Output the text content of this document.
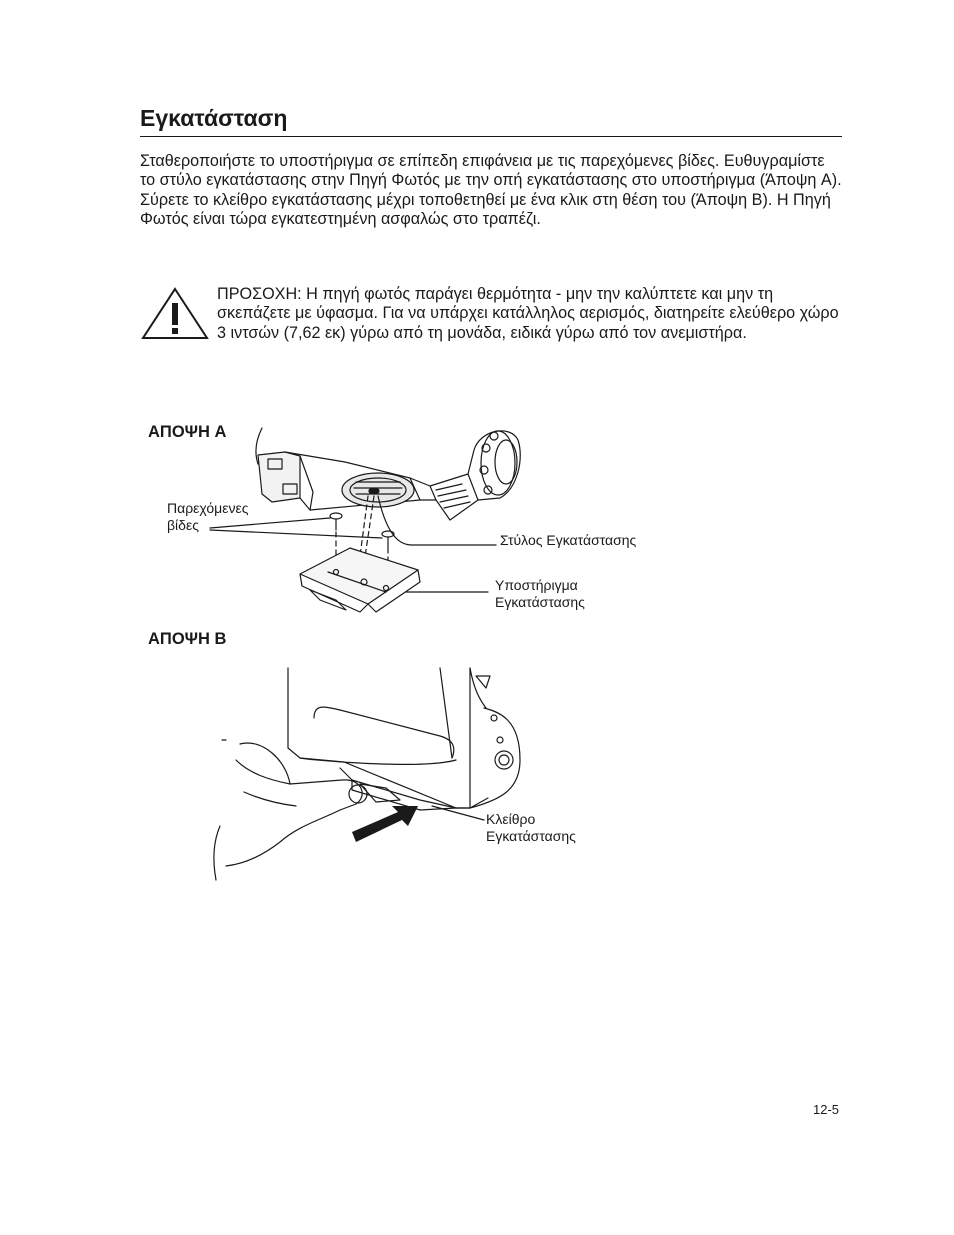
Εγκατάσταση

Σταθεροποιήστε το υποστήριγμα σε επίπεδη επιφάνεια με τις παρεχόμενες βίδες. Ευθυγραμίστε το στύλο εγκατάστασης στην Πηγή Φωτός με την οπή εγκατάστασης στο υποστήριγμα (Άποψη A). Σύρετε το κλείθρο εγκατάστασης μέχρι τοποθετηθεί με ένα κλικ στη θέση του (Άποψη B). Η Πηγή Φωτός είναι τώρα εγκατεστημένη ασφαλώς στο τραπέζι.

ΠΡΟΣΟΧΗ: Η πηγή φωτός παράγει θερμότητα - μην την καλύπτετε και μην τη σκεπάζετε με ύφασμα. Για να υπάρχει κατάλληλος αερισμός, διατηρείτε ελεύθερο χώρο 3 ιντσών (7,62 εκ) γύρω από τη μονάδα, ειδικά γύρω από τον ανεμιστήρα.

ΑΠΟΨΗ A
Παρεχόμενες
βίδες
Στύλος Εγκατάστασης
Υποστήριγμα
Εγκατάστασης
ΑΠΟΨΗ B
Κλείθρο
Εγκατάστασης
12-5
